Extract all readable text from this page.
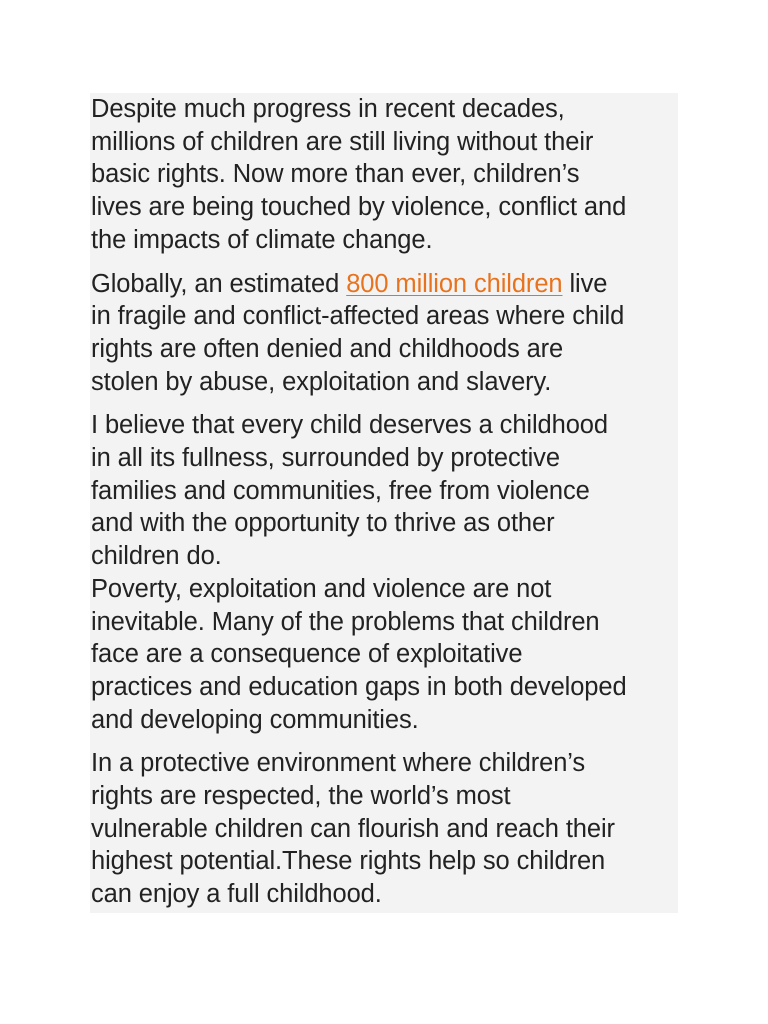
Despite much progress in recent decades,
millions of children are still living without their
basic rights. Now more than ever, children’s
lives are being touched by violence, conflict and
the impacts of climate change.

Globally, an estimated 800 million children live
in fragile and conflict-affected areas where child
rights are often denied and childhoods are
stolen by abuse, exploitation and slavery.

I believe that every child deserves a childhood
in all its fullness, surrounded by protective
families and communities, free from violence
and with the opportunity to thrive as other
children do.

Poverty, exploitation and violence are not
inevitable. Many of the problems that children
face are a consequence of exploitative
practices and education gaps in both developed
and developing communities.

In a protective environment where children’s
rights are respected, the world’s most
vulnerable children can flourish and reach their
highest potential.These rights help so children
can enjoy a full childhood.
